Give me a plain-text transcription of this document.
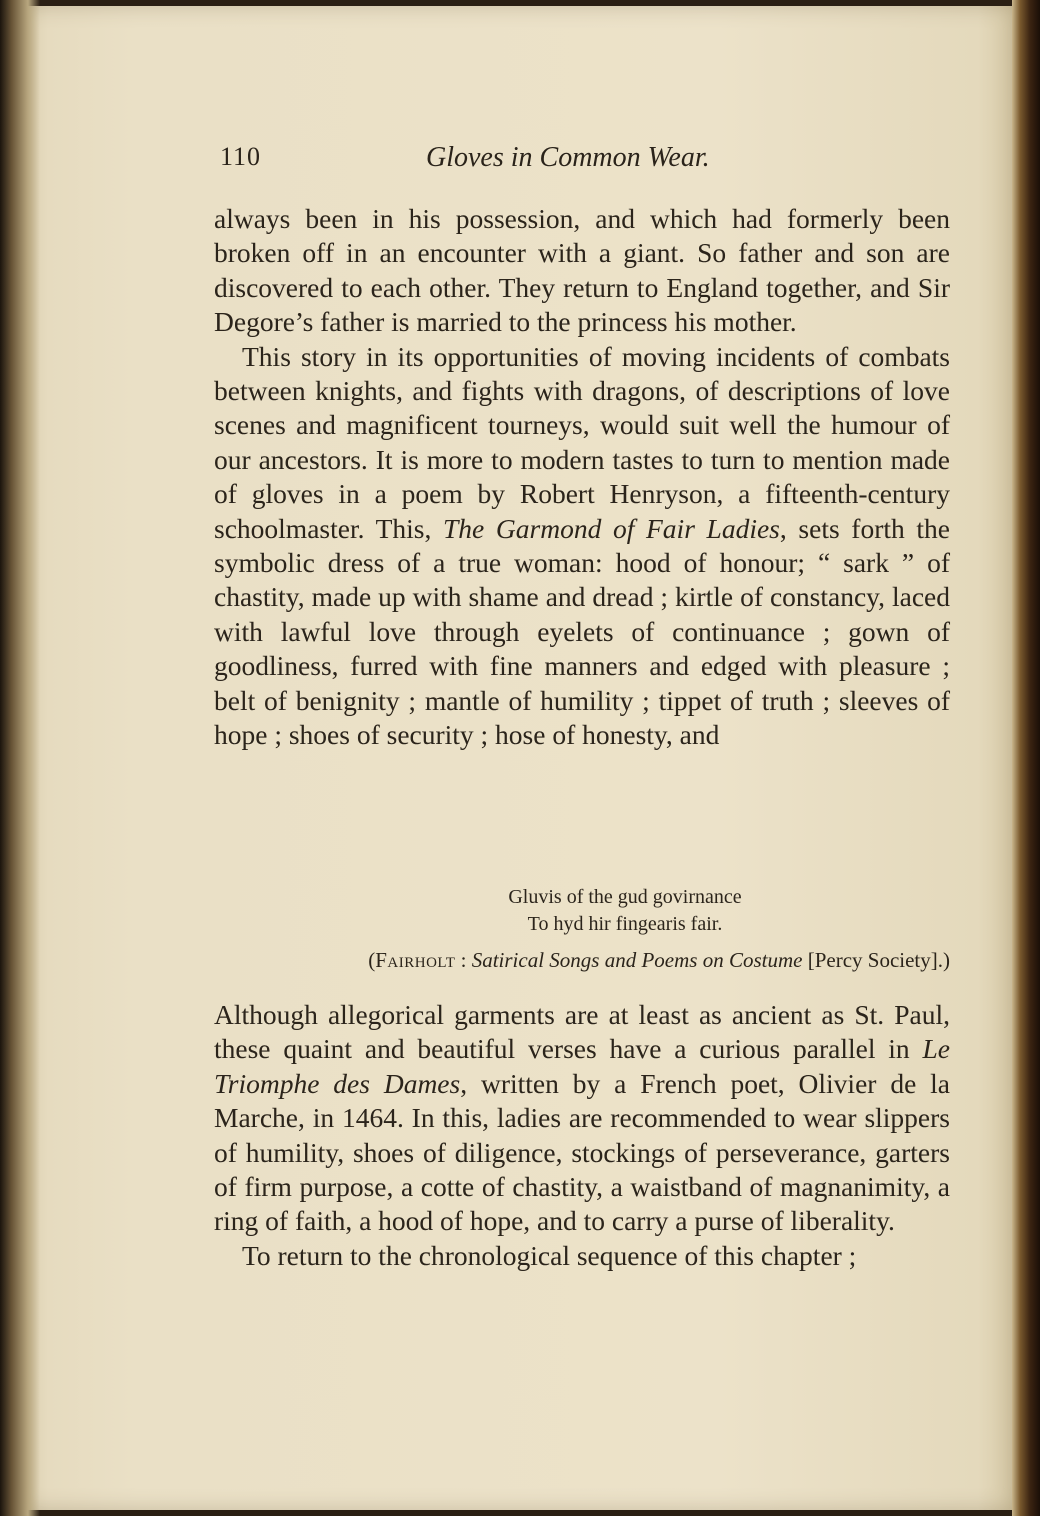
110	Gloves in Common Wear.

always been in his possession, and which had formerly been broken off in an encounter with a giant. So father and son are discovered to each other. They return to England together, and Sir Degore’s father is married to the princess his mother.

This story in its opportunities of moving incidents of combats between knights, and fights with dragons, of descriptions of love scenes and magnificent tourneys, would suit well the humour of our ancestors. It is more to modern tastes to turn to mention made of gloves in a poem by Robert Henryson, a fifteenth-century schoolmaster. This, The Garmond of Fair Ladies, sets forth the symbolic dress of a true woman: hood of honour; “ sark ” of chastity, made up with shame and dread ; kirtle of constancy, laced with lawful love through eyelets of continuance ; gown of goodliness, furred with fine manners and edged with pleasure ; belt of benignity ; mantle of humility ; tippet of truth ; sleeves of hope ; shoes of security ; hose of honesty, and

Gluvis of the gud govirnance
To hyd hir fingearis fair.
(Fairholt : Satirical Songs and Poems on Costume [Percy Society].)

Although allegorical garments are at least as ancient as St. Paul, these quaint and beautiful verses have a curious parallel in Le Triomphe des Dames, written by a French poet, Olivier de la Marche, in 1464. In this, ladies are recommended to wear slippers of humility, shoes of diligence, stockings of perseverance, garters of firm purpose, a cotte of chastity, a waistband of magnanimity, a ring of faith, a hood of hope, and to carry a purse of liberality.

To return to the chronological sequence of this chapter ;
